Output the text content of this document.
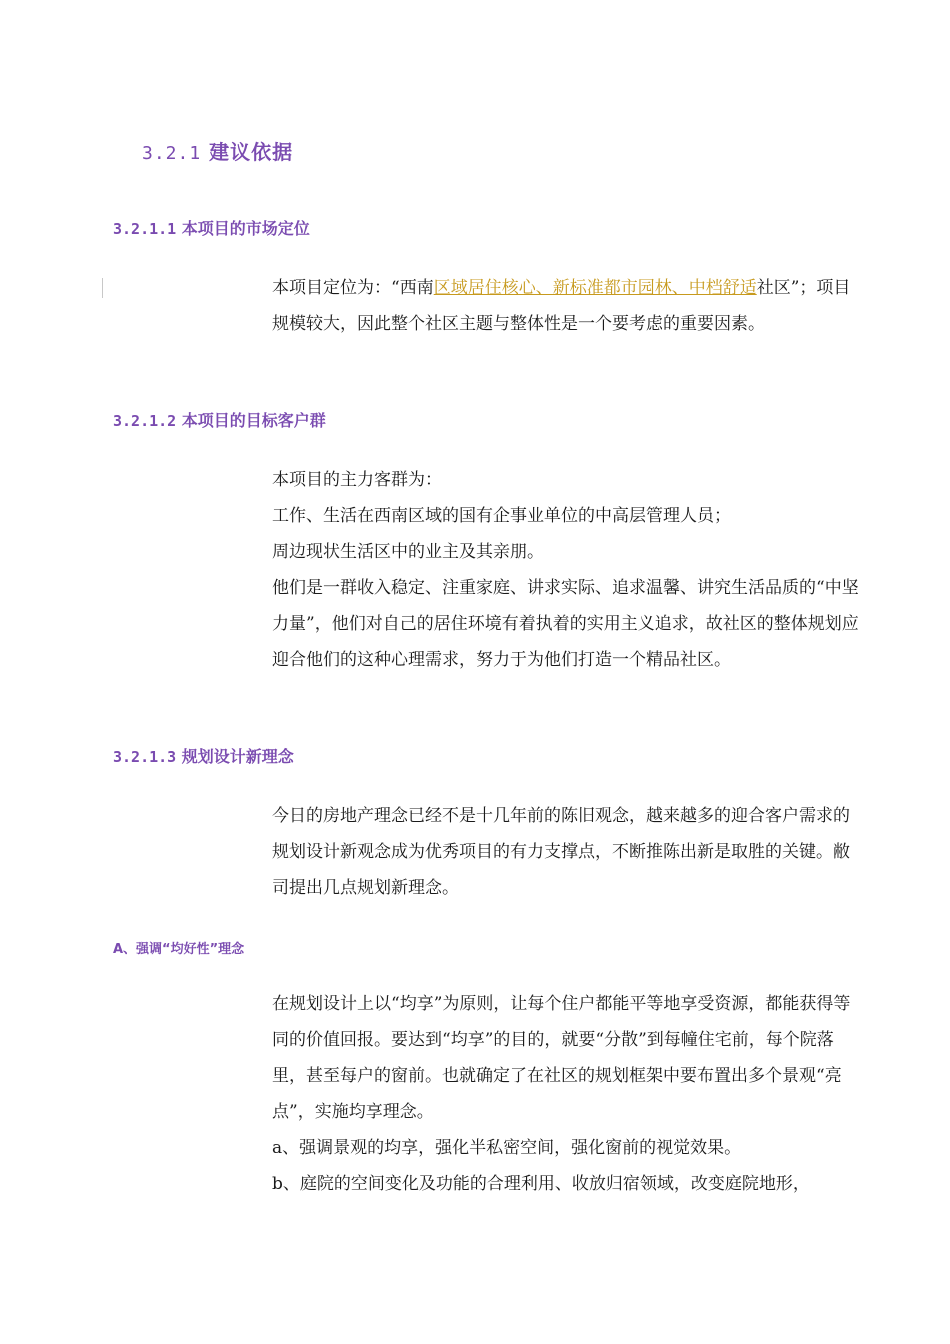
3.2.1 建议依据
3.2.1.1 本项目的市场定位

本项目定位为：“西南区域居住核心、新标准都市园林、中档舒适社区”；项目规模较大，因此整个社区主题与整体性是一个要考虑的重要因素。

3.2.1.2 本项目的目标客户群

本项目的主力客群为：

工作、生活在西南区域的国有企事业单位的中高层管理人员；

周边现状生活区中的业主及其亲朋。

他们是一群收入稳定、注重家庭、讲求实际、追求温馨、讲究生活品质的“中坚力量”，他们对自己的居住环境有着执着的实用主义追求，故社区的整体规划应迎合他们的这种心理需求，努力于为他们打造一个精品社区。

3.2.1.3 规划设计新理念

今日的房地产理念已经不是十几年前的陈旧观念，越来越多的迎合客户需求的规划设计新观念成为优秀项目的有力支撑点，不断推陈出新是取胜的关键。敝司提出几点规划新理念。

A、强调“均好性”理念

在规划设计上以“均享”为原则，让每个住户都能平等地享受资源，都能获得等同的价值回报。要达到“均享”的目的，就要“分散”到每幢住宅前，每个院落里，甚至每户的窗前。也就确定了在社区的规划框架中要布置出多个景观“亮点”，实施均享理念。

a、强调景观的均享，强化半私密空间，强化窗前的视觉效果。

b、庭院的空间变化及功能的合理利用、收放归宿领域，改变庭院地形，
